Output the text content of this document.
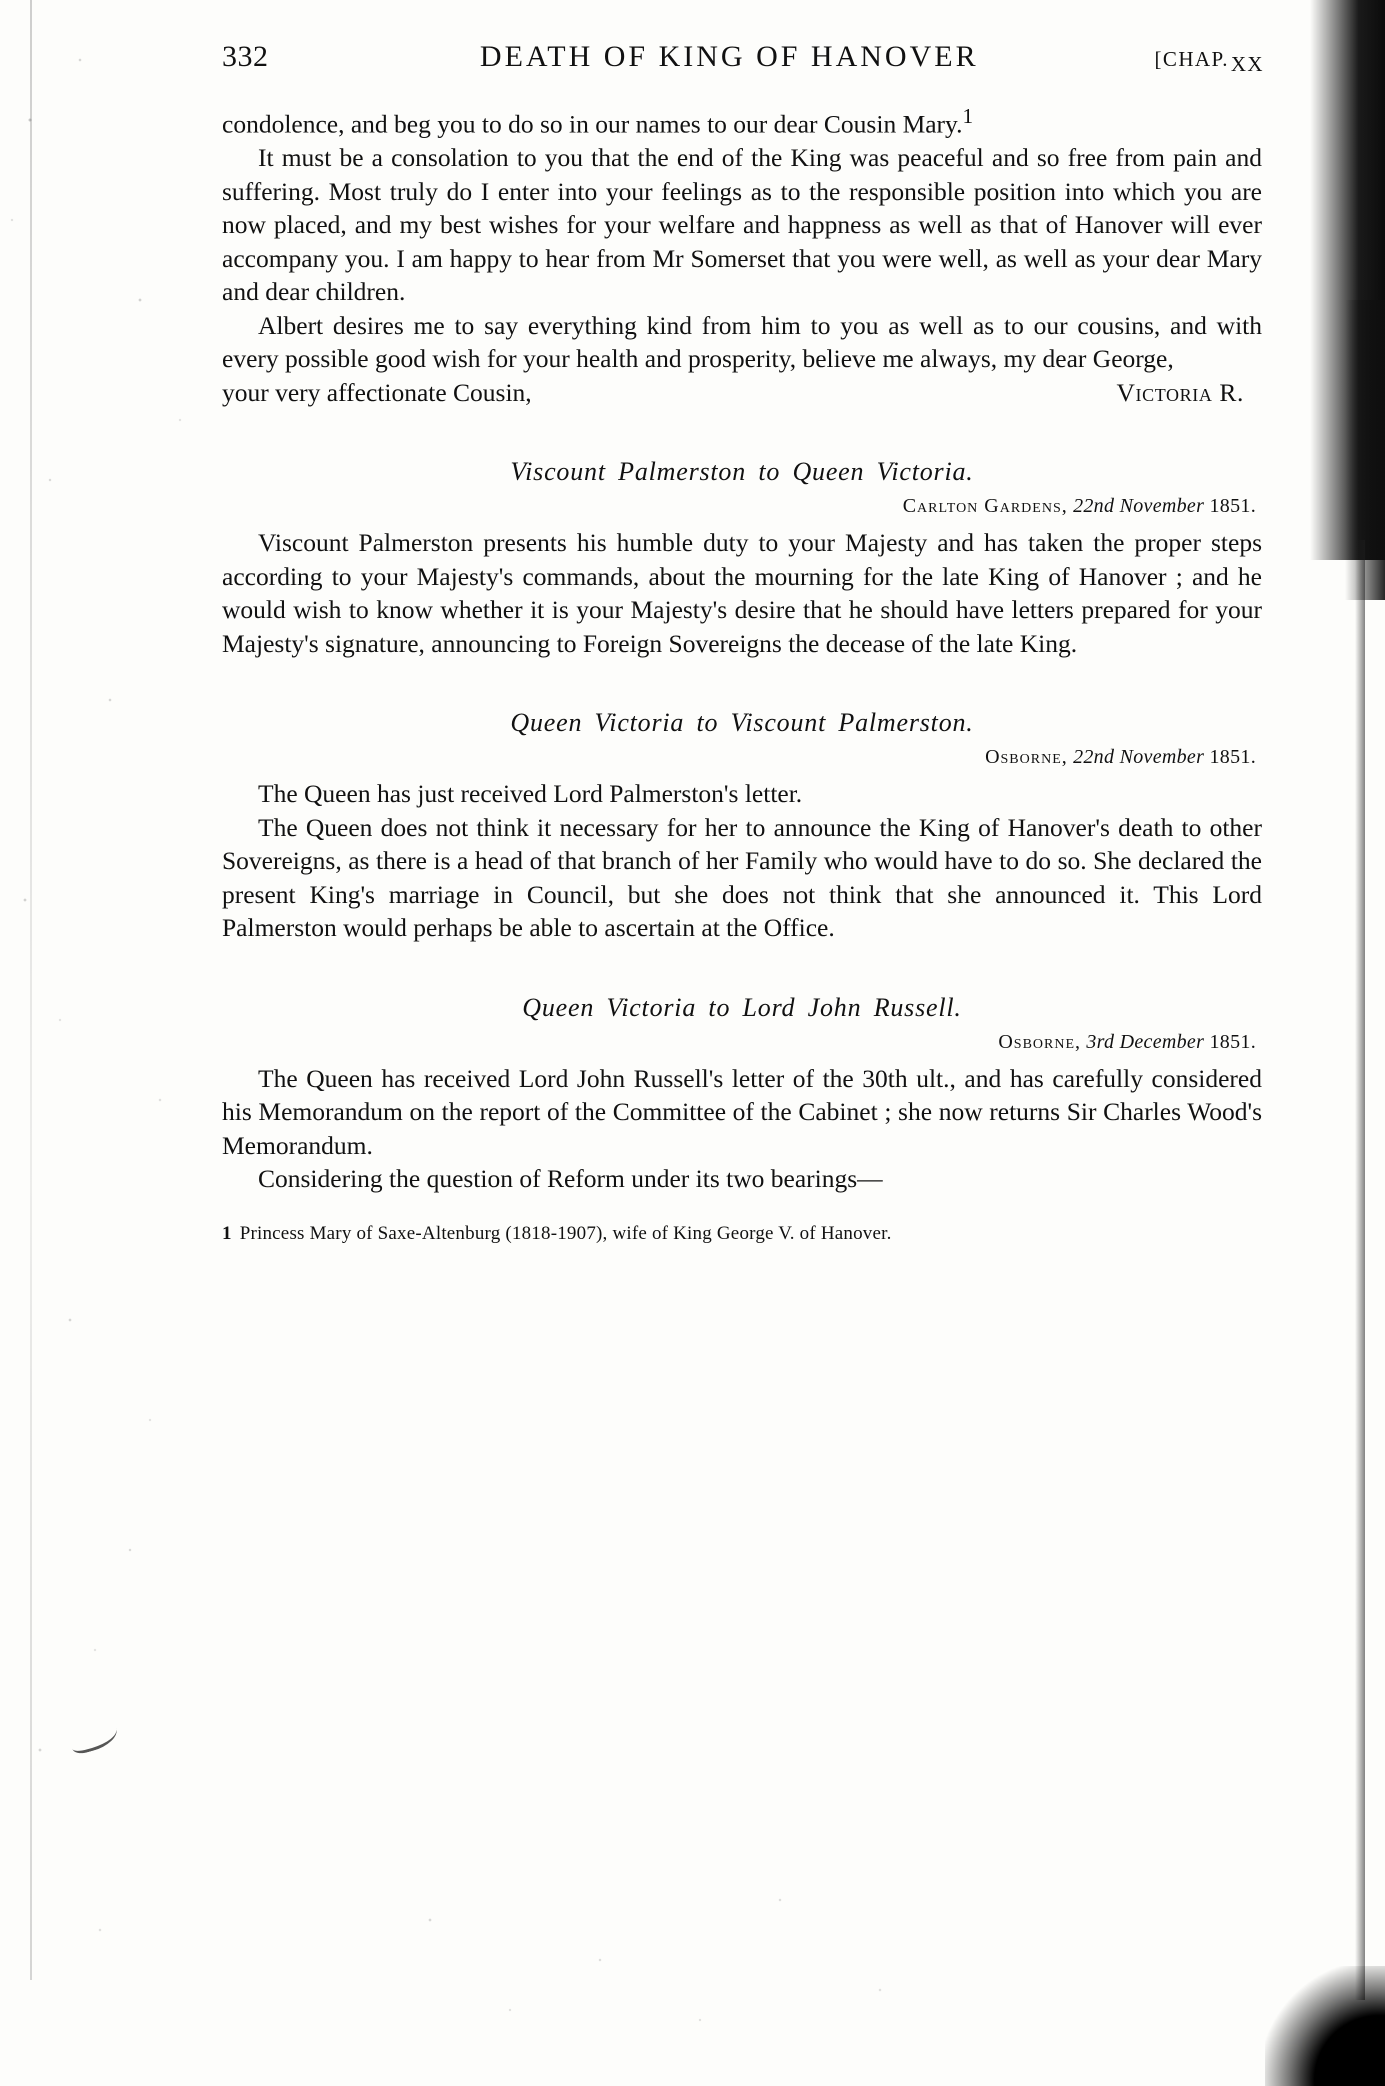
332	DEATH OF KING OF HANOVER	[CHAP.XX

condolence, and beg you to do so in our names to our dear Cousin Mary.$^1$

It must be a consolation to you that the end of the King was peaceful and so free from pain and suffering. Most truly do I enter into your feelings as to the responsible position into which you are now placed, and my best wishes for your welfare and happness as well as that of Hanover will ever accompany you. I am happy to hear from Mr Somerset that you were well, as well as your dear Mary and dear children.

Albert desires me to say everything kind from him to you as well as to our cousins, and with every possible good wish for your health and prosperity, believe me always, my dear George,

your very affectionate Cousin,	Victoria R.
Viscount Palmerston to Queen Victoria.
Carlton Gardens, 22nd November 1851.

Viscount Palmerston presents his humble duty to your Majesty and has taken the proper steps according to your Majesty's commands, about the mourning for the late King of Hanover ; and he would wish to know whether it is your Majesty's desire that he should have letters prepared for your Majesty's signature, announcing to Foreign Sovereigns the decease of the late King.

Queen Victoria to Viscount Palmerston.
Osborne, 22nd November 1851.

The Queen has just received Lord Palmerston's letter.

The Queen does not think it necessary for her to announce the King of Hanover's death to other Sovereigns, as there is a head of that branch of her Family who would have to do so. She declared the present King's marriage in Council, but she does not think that she announced it. This Lord Palmerston would perhaps be able to ascertain at the Office.

Queen Victoria to Lord John Russell.
Osborne, 3rd December 1851.

The Queen has received Lord John Russell's letter of the 30th ult., and has carefully considered his Memorandum on the report of the Committee of the Cabinet ; she now returns Sir Charles Wood's Memorandum.

Considering the question of Reform under its two bearings—

1 Princess Mary of Saxe-Altenburg (1818-1907), wife of King George V. of Hanover.
